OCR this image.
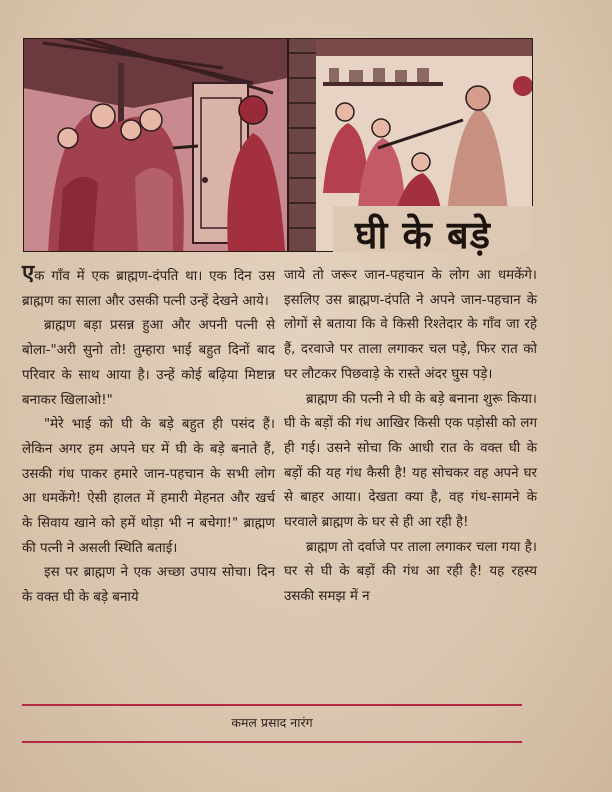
घी के बड़े

एक गाँव में एक ब्राह्मण-दंपति था। एक दिन उस ब्राह्मण का साला और उसकी पत्नी उन्हें देखने आये।

ब्राह्मण बड़ा प्रसन्न हुआ और अपनी पत्नी से बोला-"अरी सुनो तो! तुम्हारा भाई बहुत दिनों बाद परिवार के साथ आया है। उन्हें कोई बढ़िया मिष्टान्न बनाकर खिलाओ!"

"मेरे भाई को घी के बड़े बहुत ही पसंद हैं। लेकिन अगर हम अपने घर में घी के बड़े बनाते हैं, उसकी गंध पाकर हमारे जान-पहचान के सभी लोग आ धमकेंगे! ऐसी हालत में हमारी मेहनत और खर्च के सिवाय खाने को हमें थोड़ा भी न बचेगा!" ब्राह्मण की पत्नी ने असली स्थिति बताई।

इस पर ब्राह्मण ने एक अच्छा उपाय सोचा। दिन के वक्त घी के बड़े बनाये

जाये तो जरूर जान-पहचान के लोग आ धमकेंगे। इसलिए उस ब्राह्मण-दंपति ने अपने जान-पहचान के लोगों से बताया कि वे किसी रिश्तेदार के गाँव जा रहे हैं, दरवाजे पर ताला लगाकर चल पड़े, फिर रात को घर लौटकर पिछवाड़े के रास्ते अंदर घुस पड़े।

ब्राह्मण की पत्नी ने घी के बड़े बनाना शुरू किया। घी के बड़ों की गंध आखिर किसी एक पड़ोसी को लग ही गई। उसने सोचा कि आधी रात के वक्त घी के बड़ों की यह गंध कैसी है! यह सोचकर वह अपने घर से बाहर आया। देखता क्या है, वह गंध-सामने के घरवाले ब्राह्मण के घर से ही आ रही है!

ब्राह्मण तो दर्वाजे पर ताला लगाकर चला गया है। घर से घी के बड़ों की गंध आ रही है! यह रहस्य उसकी समझ में न

कमल प्रसाद नारंग
